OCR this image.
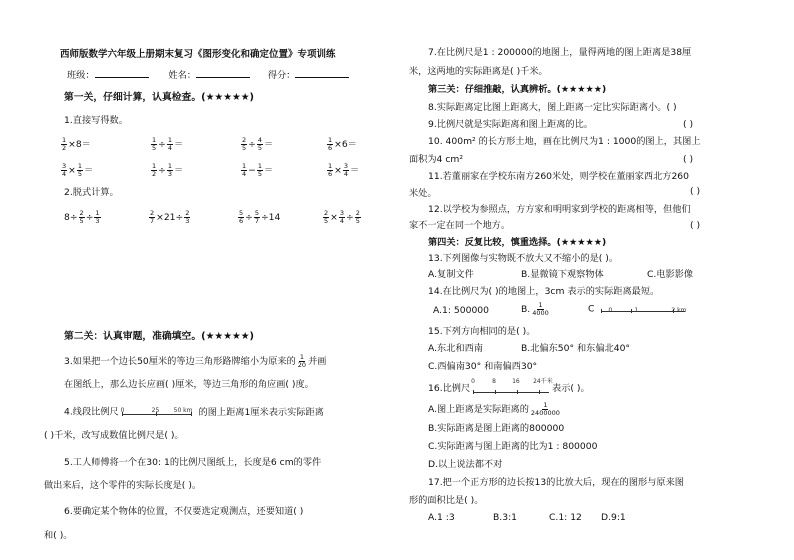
西师版数学六年级上册期末复习《图形变化和确定位置》专项训练
班级：	姓名：	得分：
第一关，仔细计算，认真检查。(★★★★★)
1.直接写得数。
$\frac{1}{2} \times 8=$	$\frac{1}{5} \div \frac{1}{4}$ ＝	$\frac{2}{5} \div \frac{4}{5}$ ＝	$\frac{1}{6} \times 6=$
$\frac{3}{4} \times \frac{1}{5}$ ＝	$\frac{1}{2} \div \frac{1}{3}$ ＝	$\frac{1}{4} - \frac{1}{5}$ ＝	$\frac{1}{6} \times \frac{3}{4}$ ＝
2.脱式计算。
$8\div \frac{2}{5} \div \frac{1}{3}$	$\frac{2}{7} \times 21\div \frac{2}{3}$	$\frac{5}{6} \div \frac{5}{7} \div 14$	$\frac{2}{5} \times \frac{3}{4} \div \frac{2}{5}$
第二关：认真审题，准确填空。(★★★★★)
3.如果把一个边长50厘米的等边三角形路牌缩小为原来的 $\frac{1}{20}$ 并画
在图纸上，那么边长应画( )厘米，等边三角形的角应画( )度。
4.线段比例尺 0	25 50 km 的图上距离1厘米表示实际距离
( )千米，改写成数值比例尺是( )。
5.工人师傅将一个在30: 1的比例尺图纸上，长度是6 cm的零件
做出来后，这个零件的实际长度是( )。
6.要确定某个物体的位置，不仅要选定观测点，还要知道( )
和( )。
7.在比例尺是1 : 200000的地图上，量得两地的图上距离是38厘
米，这两地的实际距离是( )千米。
第三关：仔细推敲，认真辨析。(★★★★★)
8.实际距离定比图上距离大，图上距离一定比实际距离小。( )
9.比例尺就是实际距离和图上距离的比。	( )
10. 400m² 的长方形土地，画在比例尺为1 : 1000的图上，其图上
面积为4 cm²	( )
11.若董丽家在学校东南方260米处，则学校在董丽家西北方260
米处。	( )
12.以学校为参照点，方方家和明明家到学校的距离相等，但他们
家不一定在同一个地方。	( )
第四关：反复比较，慎重选择。(★★★★★)
13.下列图像与实物既不放大又不缩小的是( )。
A.复制文件	B.显微镜下观察物体	C.电影影像
14.在比例尺为( )的地图上，3cm 表示的实际距离最短。
A.1: 500000	B. $\frac{1}{4000}$	C 0	1	2 km
15.下列方向相同的是( )。
A.东北和西南	B.北偏东50° 和东偏北40°
C.西偏南30° 和南偏西30°
16.比例尺
0	8	16 24千米
表示( )。
A.图上距离是实际距离的 $\frac{1}{2400000}$
B.实际距离是图上距离的800000
C.实际距离与图上距离的比为1 : 800000
D.以上说法都不对
17.把一个正方形的边长按13的比放大后，现在的图形与原来图
形的面积比是( )。
A.1 :3	B.3:1	C.1: 12 D.9:1
